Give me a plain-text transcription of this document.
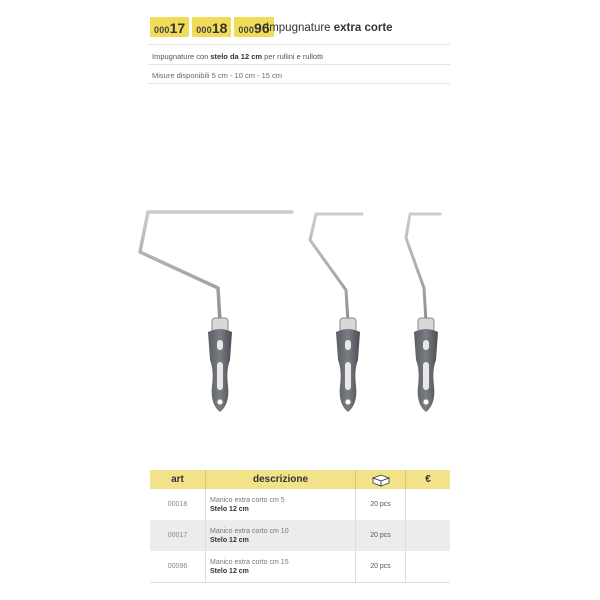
000 17 000 18 000 96
Impugnature extra corte
Impugnature con stelo da 12 cm per rullini e rullotti
Misure disponibili 5 cm - 10 cm - 15 cm
art	descrizione	€
00018
Manico extra corto cm 5
Stelo 12 cm
20 pcs
00017
Manico extra corto cm 10
Stelo 12 cm
20 pcs
00096
Manico extra corto cm 15
Stelo 12 cm
20 pcs
